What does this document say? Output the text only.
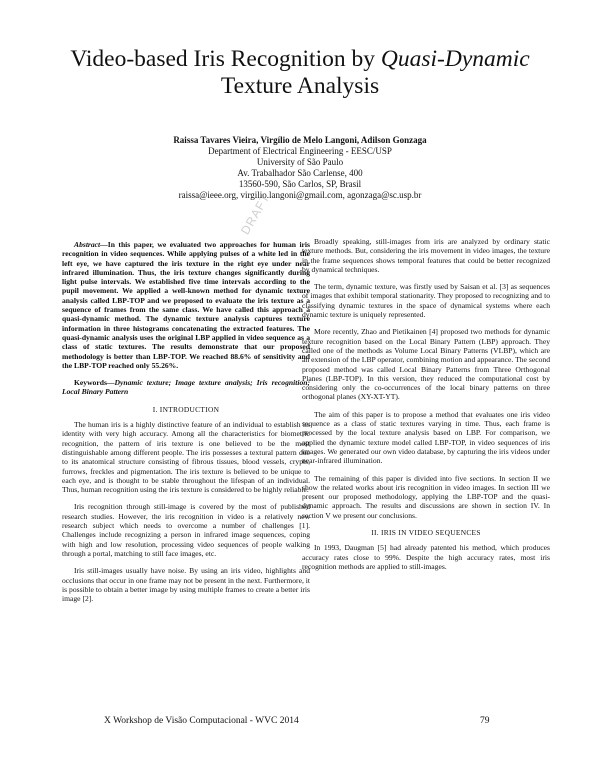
DRAFT
Video-based Iris Recognition by Quasi-Dynamic
Texture Analysis
Raissa Tavares Vieira, Virgílio de Melo Langoni, Adilson Gonzaga
Department of Electrical Engineering - EESC/USP
University of São Paulo
Av. Trabalhador São Carlense, 400
13560-590, São Carlos, SP, Brasil
raissa@ieee.org, virgilio.langoni@gmail.com, agonzaga@sc.usp.br

Abstract—In this paper, we evaluated two approaches for human iris recognition in video sequences. While applying pulses of a white led in the left eye, we have captured the iris texture in the right eye under near infrared illumination. Thus, the iris texture changes significantly during light pulse intervals. We established five time intervals according to the pupil movement. We applied a well-known method for dynamic texture analysis called LBP-TOP and we proposed to evaluate the iris texture as a sequence of frames from the same class. We have called this approach a quasi-dynamic method. The dynamic texture analysis captures texture information in three histograms concatenating the extracted features. The quasi-dynamic analysis uses the original LBP applied in video sequence as a class of static textures. The results demonstrate that our proposed methodology is better than LBP-TOP. We reached 88.6% of sensitivity and the LBP-TOP reached only 55.26%.

Keywords—Dynamic texture; Image texture analysis; Iris recognition; Local Binary Pattern

I. INTRODUCTION

The human iris is a highly distinctive feature of an individual to establish its identity with very high accuracy. Among all the characteristics for biometric recognition, the pattern of iris texture is one believed to be the most distinguishable among different people. The iris possesses a textural pattern due to its anatomical structure consisting of fibrous tissues, blood vessels, crypts, furrows, freckles and pigmentation. The iris texture is believed to be unique to each eye, and is thought to be stable throughout the lifespan of an individual. Thus, human recognition using the iris texture is considered to be highly reliable.

Iris recognition through still-image is covered by the most of published research studies. However, the iris recognition in video is a relatively new research subject which needs to overcome a number of challenges [1]. Challenges include recognizing a person in infrared image sequences, coping with high and low resolution, processing video sequences of people walking through a portal, matching to still face images, etc.

Iris still-images usually have noise. By using an iris video, highlights and occlusions that occur in one frame may not be present in the next. Furthermore, it is possible to obtain a better image by using multiple frames to create a better iris image [2].

Broadly speaking, still-images from iris are analyzed by ordinary static texture methods. But, considering the iris movement in video images, the texture in the frame sequences shows temporal features that could be better recognized by dynamical techniques.

The term, dynamic texture, was firstly used by Saisan et al. [3] as sequences of images that exhibit temporal stationarity. They proposed to recognizing and to classifying dynamic textures in the space of dynamical systems where each dynamic texture is uniquely represented.

More recently, Zhao and Pietikainen [4] proposed two methods for dynamic texture recognition based on the Local Binary Pattern (LBP) approach. They called one of the methods as Volume Local Binary Patterns (VLBP), which are an extension of the LBP operator, combining motion and appearance. The second proposed method was called Local Binary Patterns from Three Orthogonal Planes (LBP-TOP). In this version, they reduced the computational cost by considering only the co-occurrences of the local binary patterns on three orthogonal planes (XY-XT-YT).

The aim of this paper is to propose a method that evaluates one iris video sequence as a class of static textures varying in time. Thus, each frame is processed by the local texture analysis based on LBP. For comparison, we applied the dynamic texture model called LBP-TOP, in video sequences of iris images. We generated our own video database, by capturing the iris videos under near-infrared illumination.

The remaining of this paper is divided into five sections. In section II we show the related works about iris recognition in video images. In section III we present our proposed methodology, applying the LBP-TOP and the quasi-dynamic approach. The results and discussions are shown in section IV. In section V we present our conclusions.

II. IRIS IN VIDEO SEQUENCES

In 1993, Daugman [5] had already patented his method, which produces accuracy rates close to 99%. Despite the high accuracy rates, most iris recognition methods are applied to still-images.

X Workshop de Visão Computacional - WVC 2014	79
